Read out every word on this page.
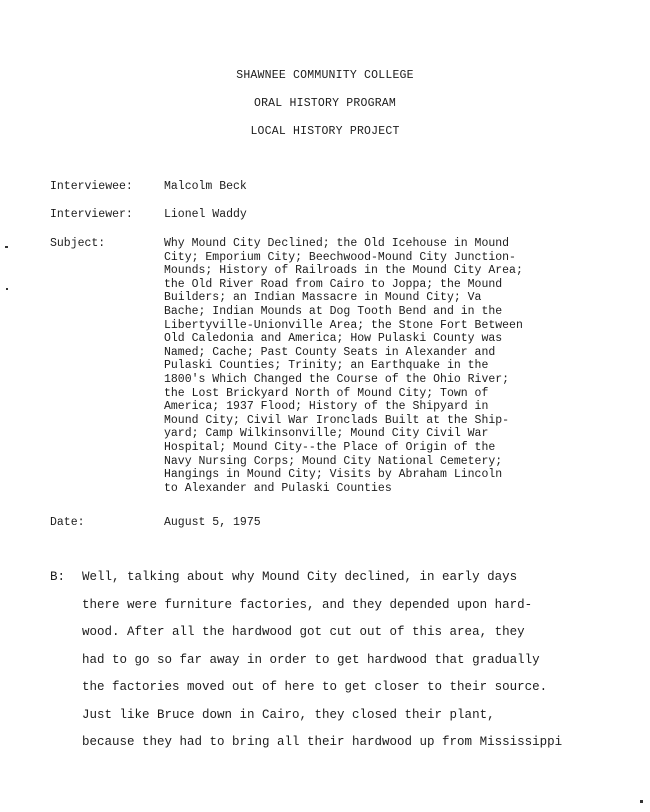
SHAWNEE COMMUNITY COLLEGE
ORAL HISTORY PROGRAM
LOCAL HISTORY PROJECT
Interviewee:	Malcolm Beck
Interviewer:	Lionel Waddy
Subject:	Why Mound City Declined; the Old Icehouse in Mound
City; Emporium City; Beechwood-Mound City Junction-
Mounds; History of Railroads in the Mound City Area;
the Old River Road from Cairo to Joppa; the Mound
Builders; an Indian Massacre in Mound City; Va
Bache; Indian Mounds at Dog Tooth Bend and in the
Libertyville-Unionville Area; the Stone Fort Between
Old Caledonia and America; How Pulaski County was
Named; Cache; Past County Seats in Alexander and
Pulaski Counties; Trinity; an Earthquake in the
1800's Which Changed the Course of the Ohio River;
the Lost Brickyard North of Mound City; Town of
America; 1937 Flood; History of the Shipyard in
Mound City; Civil War Ironclads Built at the Ship-
yard; Camp Wilkinsonville; Mound City Civil War
Hospital; Mound City--the Place of Origin of the
Navy Nursing Corps; Mound City National Cemetery;
Hangings in Mound City; Visits by Abraham Lincoln
to Alexander and Pulaski Counties
Date:	August 5, 1975
B: Well, talking about why Mound City declined, in early days
there were furniture factories, and they depended upon hard-
wood. After all the hardwood got cut out of this area, they
had to go so far away in order to get hardwood that gradually
the factories moved out of here to get closer to their source.
Just like Bruce down in Cairo, they closed their plant,
because they had to bring all their hardwood up from Mississippi
